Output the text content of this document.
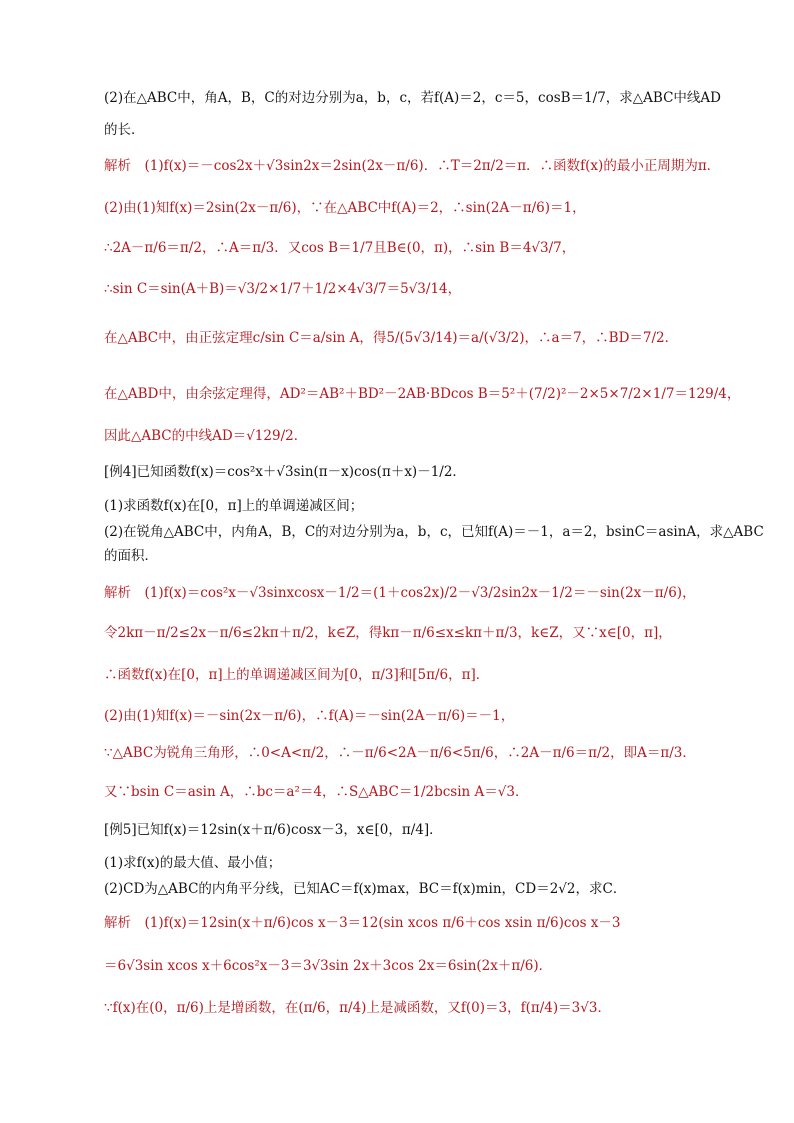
(2)在△ABC中，角A，B，C的对边分别为a，b，c，若f(A)＝2，c＝5，cosB＝1/7，求△ABC中线AD
的长．
解析　(1)f(x)＝－cos2x＋√3sin2x＝2sin(2x－π/6)．∴T＝2π/2＝π．∴函数f(x)的最小正周期为π．
(2)由(1)知f(x)＝2sin(2x－π/6)，∵在△ABC中f(A)＝2，∴sin(2A－π/6)＝1，
∴2A－π/6＝π/2，∴A＝π/3．又cos B＝1/7且B∈(0，π)，∴sin B＝4√3/7，
∴sin C＝sin(A＋B)＝√3/2×1/7＋1/2×4√3/7＝5√3/14，
在△ABC中，由正弦定理c/sin C＝a/sin A，得5/(5√3/14)＝a/(√3/2)，∴a＝7，∴BD＝7/2．
在△ABD中，由余弦定理得，AD²＝AB²＋BD²－2AB·BDcos B＝5²＋(7/2)²－2×5×7/2×1/7＝129/4，
因此△ABC的中线AD＝√129/2．
[例4]已知函数f(x)＝cos²x＋√3sin(π－x)cos(π＋x)－1/2．
(1)求函数f(x)在[0，π]上的单调递减区间；
(2)在锐角△ABC中，内角A，B，C的对边分别为a，b，c，已知f(A)＝－1，a＝2，bsinC＝asinA，求△ABC
的面积．
解析　(1)f(x)＝cos²x－√3sinxcosx－1/2＝(1＋cos2x)/2－√3/2sin2x－1/2＝－sin(2x－π/6)，
令2kπ－π/2≤2x－π/6≤2kπ＋π/2，k∈Z，得kπ－π/6≤x≤kπ＋π/3，k∈Z，又∵x∈[0，π]，
∴函数f(x)在[0，π]上的单调递减区间为[0，π/3]和[5π/6，π]．
(2)由(1)知f(x)＝－sin(2x－π/6)，∴f(A)＝－sin(2A－π/6)＝－1，
∵△ABC为锐角三角形，∴0<A<π/2，∴－π/6<2A－π/6<5π/6，∴2A－π/6＝π/2，即A＝π/3．
又∵bsin C＝asin A，∴bc＝a²＝4，∴S△ABC＝1/2bcsin A＝√3．
[例5]已知f(x)＝12sin(x＋π/6)cosx－3，x∈[0，π/4]．
(1)求f(x)的最大值、最小值；
(2)CD为△ABC的内角平分线，已知AC＝f(x)max，BC＝f(x)min，CD＝2√2，求C．
解析　(1)f(x)＝12sin(x＋π/6)cos x－3＝12(sin xcos π/6＋cos xsin π/6)cos x－3
＝6√3sin xcos x＋6cos²x－3＝3√3sin 2x＋3cos 2x＝6sin(2x＋π/6)．
∵f(x)在(0，π/6)上是增函数，在(π/6，π/4)上是减函数，又f(0)＝3，f(π/4)＝3√3．
